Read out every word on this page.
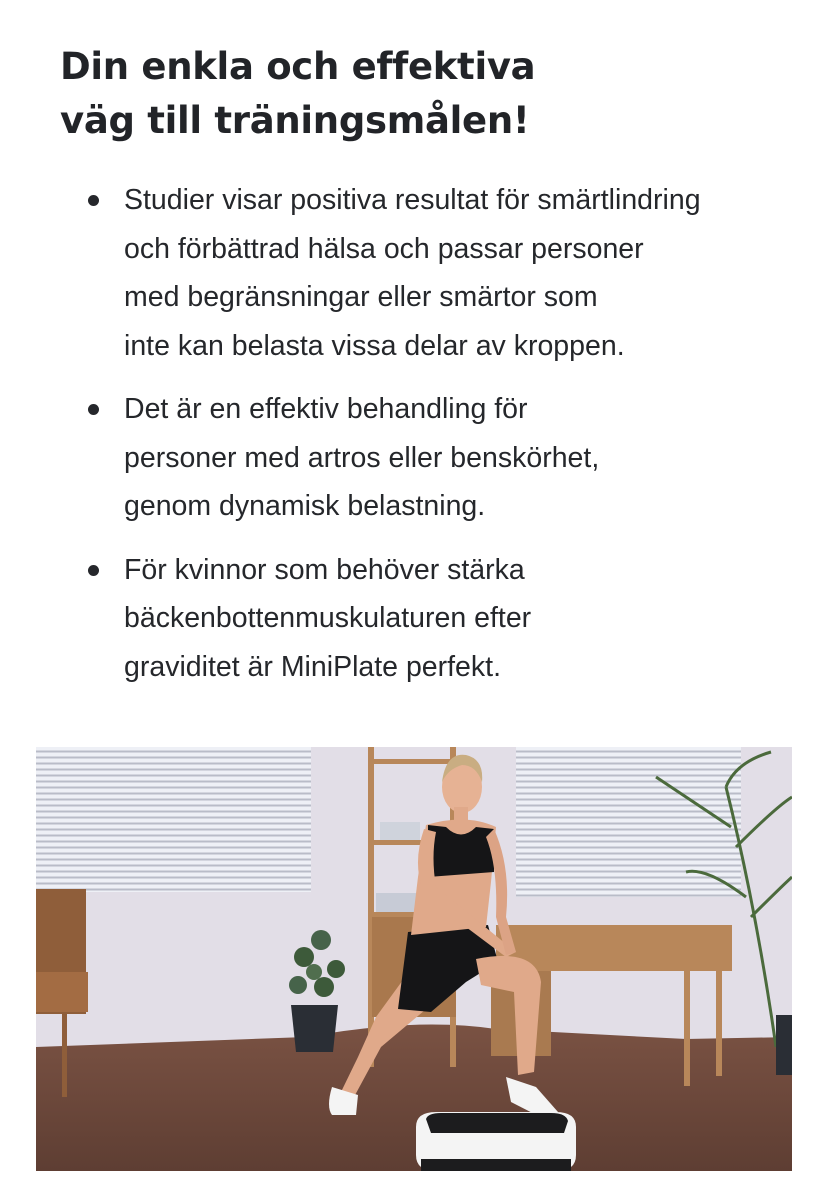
Din enkla och effektiva
väg till träningsmålen!
Studier visar positiva resultat för smärtlindring
och förbättrad hälsa och passar personer
med begränsningar eller smärtor som
inte kan belasta vissa delar av kroppen.
Det är en effektiv behandling för
personer med artros eller benskörhet,
genom dynamisk belastning.
För kvinnor som behöver stärka
bäckenbottenmuskulaturen efter
graviditet är MiniPlate perfekt.
